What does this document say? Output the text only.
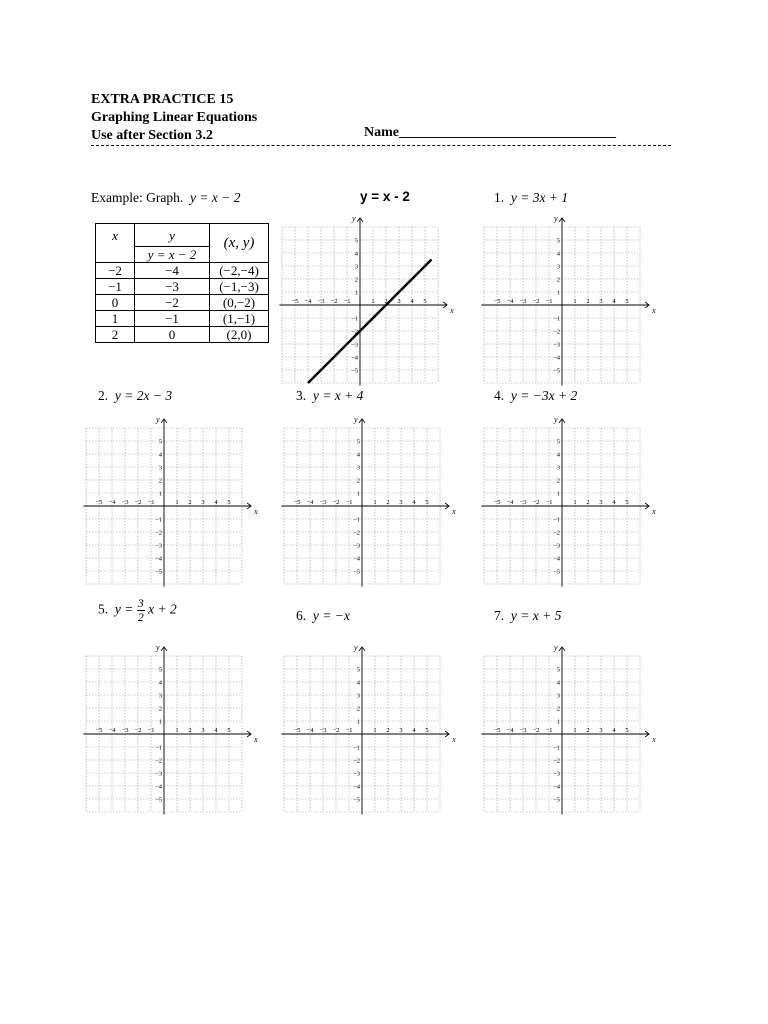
EXTRA PRACTICE 15
Graphing Linear Equations
Use after Section 3.2	Name_______________________________
Example: Graph. y = x − 2	y = x - 2
x	y	(x, y)
	y = x − 2	
−2	−4	(−2,−4)
−1	−3	(−1,−3)
0	−2	(0,−2)
1	−1	(1,−1)
2	0	(2,0)
1. y = 3x + 1
2. y = 2x − 3	3. y = x + 4	4. y = −3x + 2
5. $y = \frac{3}{2}$ x + 2	6. y = −x	7. y = x + 5
x
y
−5 −4 −3 −2 −1	1 2 3 4 5
5
4
3
2
1
−1
−2
−3
−4
−5
x
y
−5 −4 −3 −2 −1	1 2 3 4 5
5
4
3
2
1
−1
−2
−3
−4
−5
x
y
−5 −4 −3 −2 −1	1 2 3 4 5
5
4
3
2
1
−1
−2
−3
−4
−5
x
y
−5 −4 −3 −2 −1	1 2 3 4 5
5
4
3
2
1
−1
−2
−3
−4
−5
x
y
−5 −4 −3 −2 −1	1 2 3 4 5
5
4
3
2
1
−1
−2
−3
−4
−5
x
y
−5 −4 −3 −2 −1	1 2 3 4 5
5
4
3
2
1
−1
−2
−3
−4
−5
x
y
−5 −4 −3 −2 −1	1 2 3 4 5
5
4
3
2
1
−1
−2
−3
−4
−5
x
y
−5 −4 −3 −2 −1	1 2 3 4 5
5
4
3
2
1
−1
−2
−3
−4
−5
